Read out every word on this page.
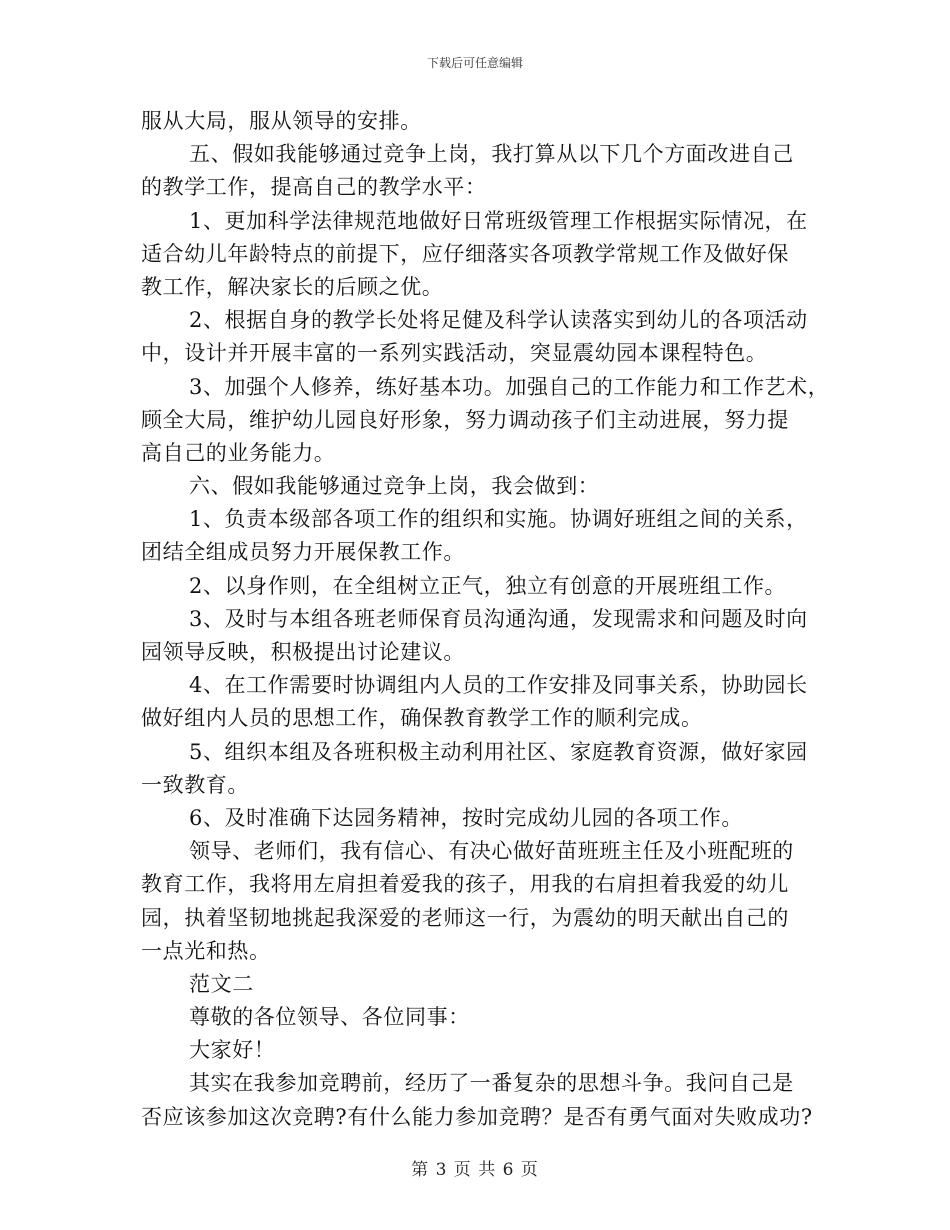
下载后可任意编辑
服从大局，服从领导的安排。
五、假如我能够通过竞争上岗，我打算从以下几个方面改进自己
的教学工作，提高自己的教学水平：
1、更加科学法律规范地做好日常班级管理工作根据实际情况，在
适合幼儿年龄特点的前提下，应仔细落实各项教学常规工作及做好保
教工作，解决家长的后顾之优。
2、根据自身的教学长处将足健及科学认读落实到幼儿的各项活动
中，设计并开展丰富的一系列实践活动，突显震幼园本课程特色。
3、加强个人修养，练好基本功。加强自己的工作能力和工作艺术，
顾全大局，维护幼儿园良好形象，努力调动孩子们主动进展，努力提
高自己的业务能力。
六、假如我能够通过竞争上岗，我会做到：
1、负责本级部各项工作的组织和实施。协调好班组之间的关系，
团结全组成员努力开展保教工作。
2、以身作则，在全组树立正气，独立有创意的开展班组工作。
3、及时与本组各班老师保育员沟通沟通，发现需求和问题及时向
园领导反映，积极提出讨论建议。
4、在工作需要时协调组内人员的工作安排及同事关系，协助园长
做好组内人员的思想工作，确保教育教学工作的顺利完成。
5、组织本组及各班积极主动利用社区、家庭教育资源，做好家园
一致教育。
6、及时准确下达园务精神，按时完成幼儿园的各项工作。
领导、老师们，我有信心、有决心做好苗班班主任及小班配班的
教育工作，我将用左肩担着爱我的孩子，用我的右肩担着我爱的幼儿
园，执着坚韧地挑起我深爱的老师这一行，为震幼的明天献出自己的
一点光和热。
范文二
尊敬的各位领导、各位同事：
大家好！
其实在我参加竞聘前，经历了一番复杂的思想斗争。我问自己是
否应该参加这次竞聘?有什么能力参加竞聘？是否有勇气面对失败成功?
第 3 页 共 6 页
